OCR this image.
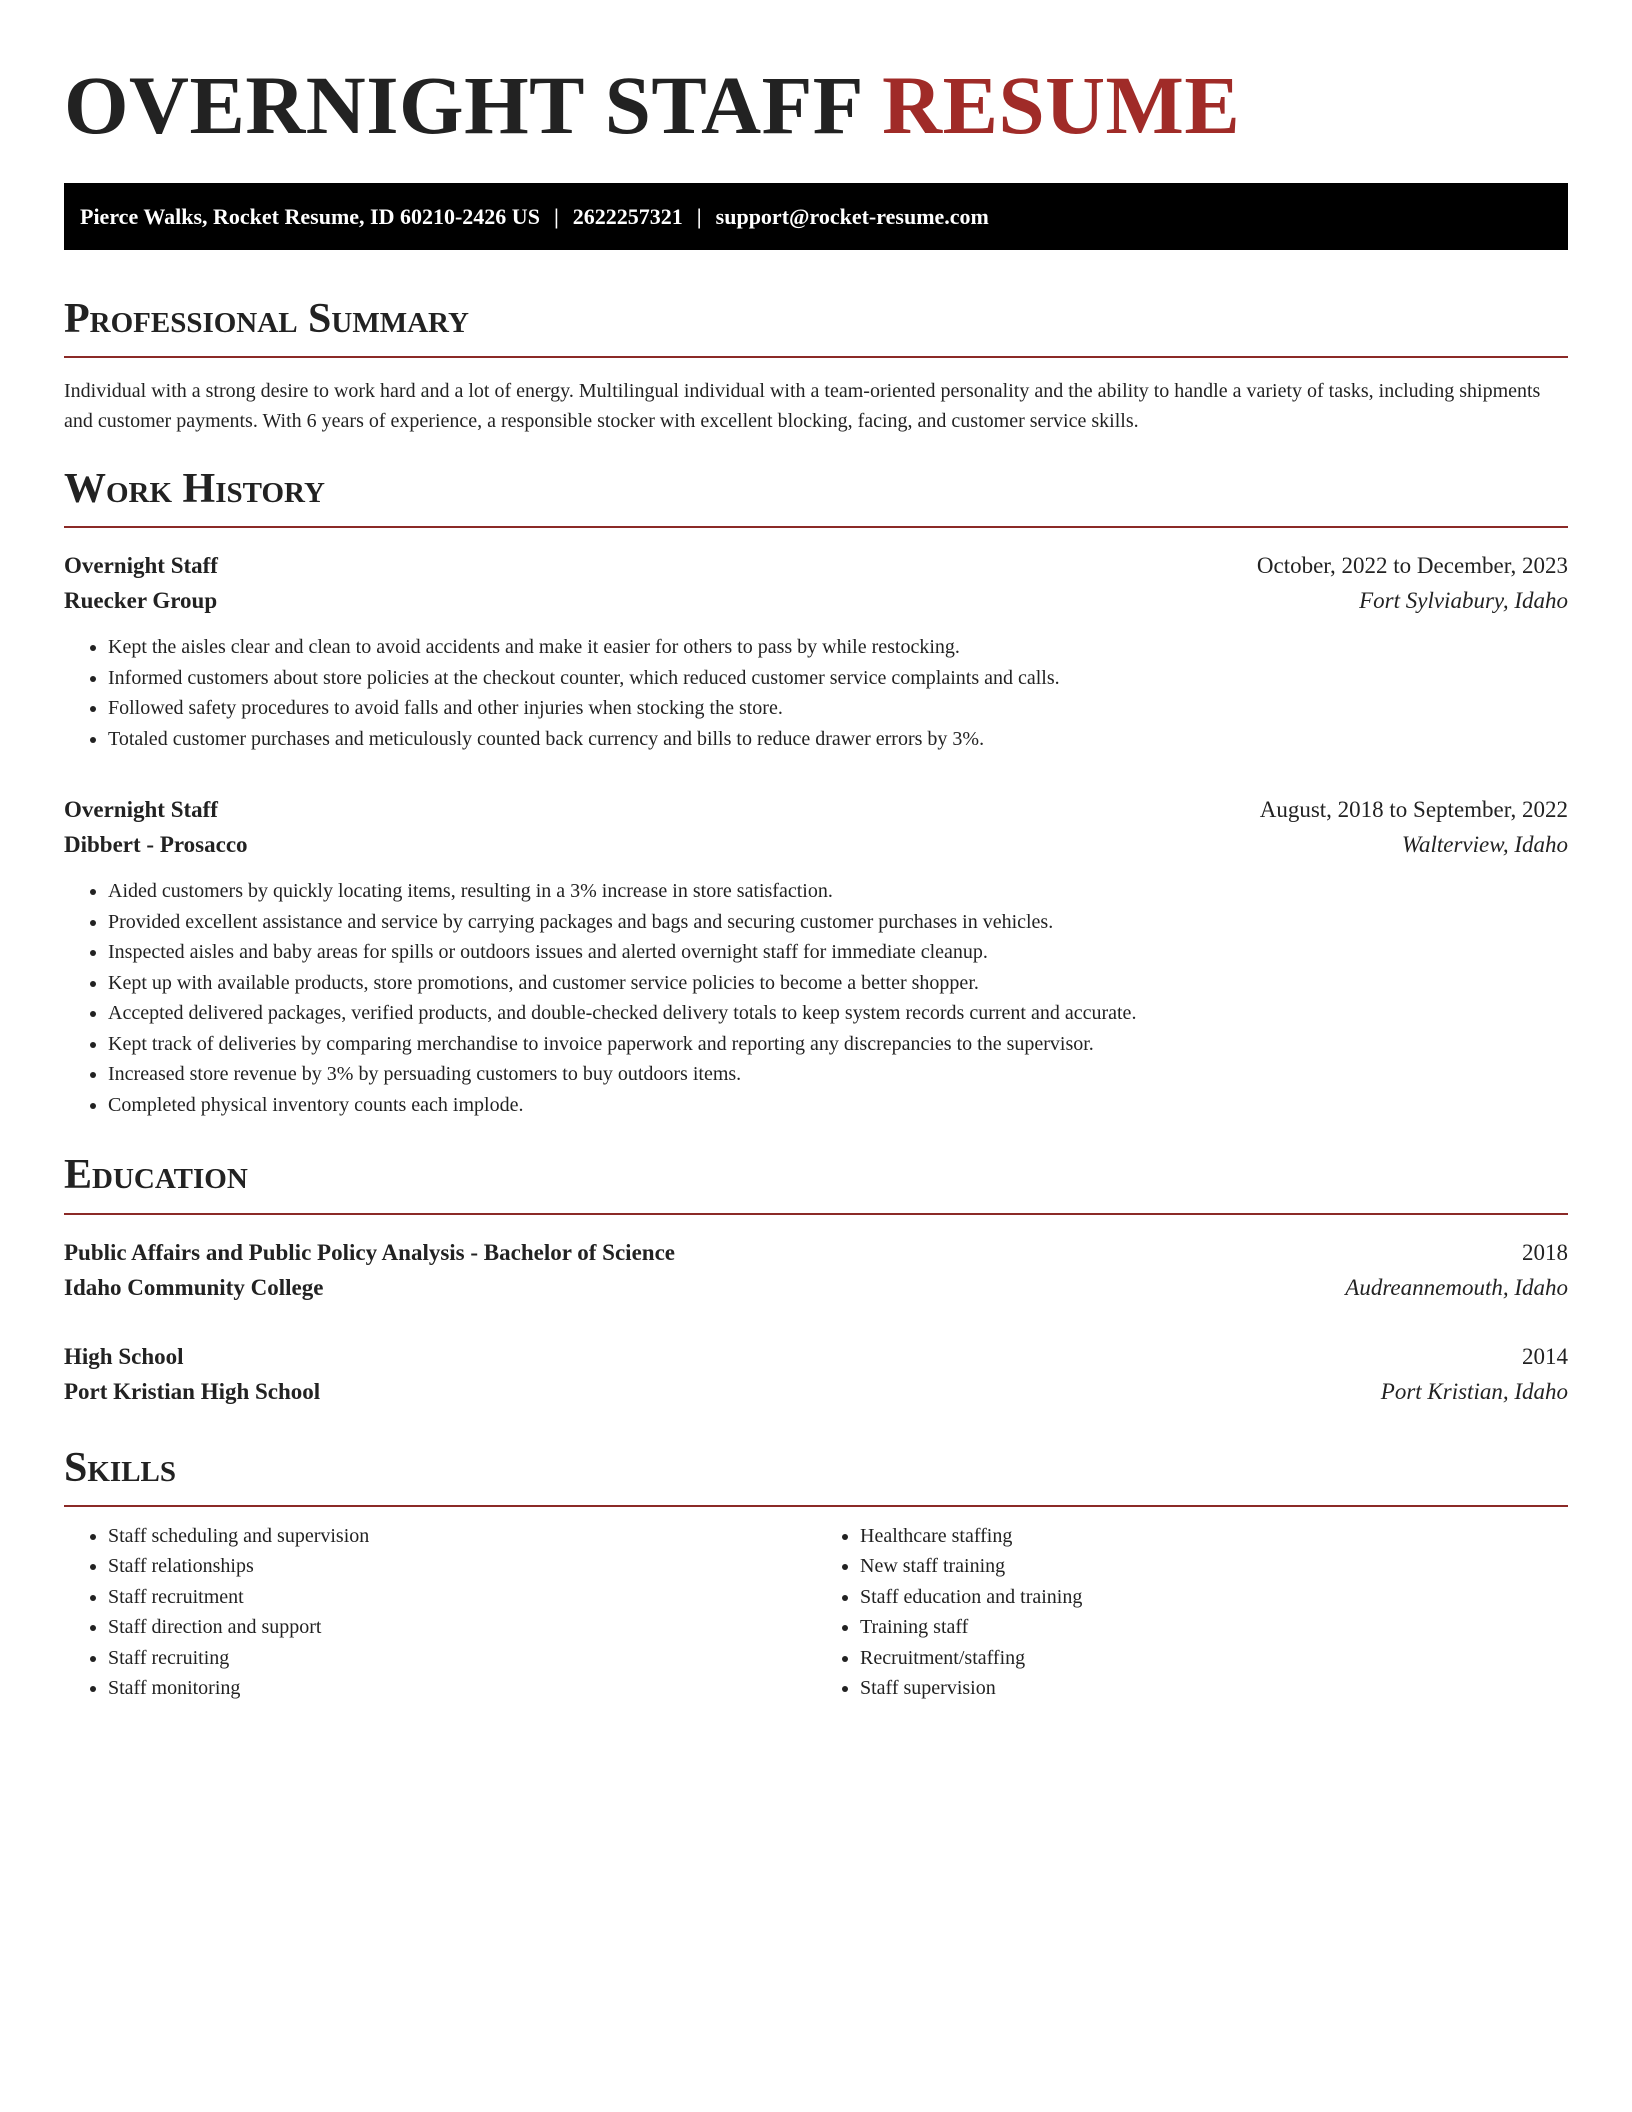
OVERNIGHT STAFF RESUME
Pierce Walks, Rocket Resume, ID 60210-2426 US | 2622257321 | support@rocket-resume.com
Professional Summary

Individual with a strong desire to work hard and a lot of energy. Multilingual individual with a team-oriented personality and the ability to handle a variety of tasks, including shipments and customer payments. With 6 years of experience, a responsible stocker with excellent blocking, facing, and customer service skills.

Work History
Overnight Staff	October, 2022 to December, 2023
Ruecker Group	Fort Sylviabury, Idaho
• Kept the aisles clear and clean to avoid accidents and make it easier for others to pass by while restocking.
• Informed customers about store policies at the checkout counter, which reduced customer service complaints and calls.
• Followed safety procedures to avoid falls and other injuries when stocking the store.
• Totaled customer purchases and meticulously counted back currency and bills to reduce drawer errors by 3%.
Overnight Staff	August, 2018 to September, 2022
Dibbert - Prosacco	Walterview, Idaho
• Aided customers by quickly locating items, resulting in a 3% increase in store satisfaction.
• Provided excellent assistance and service by carrying packages and bags and securing customer purchases in vehicles.
• Inspected aisles and baby areas for spills or outdoors issues and alerted overnight staff for immediate cleanup.
• Kept up with available products, store promotions, and customer service policies to become a better shopper.
• Accepted delivered packages, verified products, and double-checked delivery totals to keep system records current and accurate.
• Kept track of deliveries by comparing merchandise to invoice paperwork and reporting any discrepancies to the supervisor.
• Increased store revenue by 3% by persuading customers to buy outdoors items.
• Completed physical inventory counts each implode.
Education
Public Affairs and Public Policy Analysis - Bachelor of Science	2018
Idaho Community College	Audreannemouth, Idaho
High School	2014
Port Kristian High School	Port Kristian, Idaho
Skills
• Staff scheduling and supervision
• Staff relationships
• Staff recruitment
• Staff direction and support
• Staff recruiting
• Staff monitoring
• Healthcare staffing
• New staff training
• Staff education and training
• Training staff
• Recruitment/staffing
• Staff supervision
